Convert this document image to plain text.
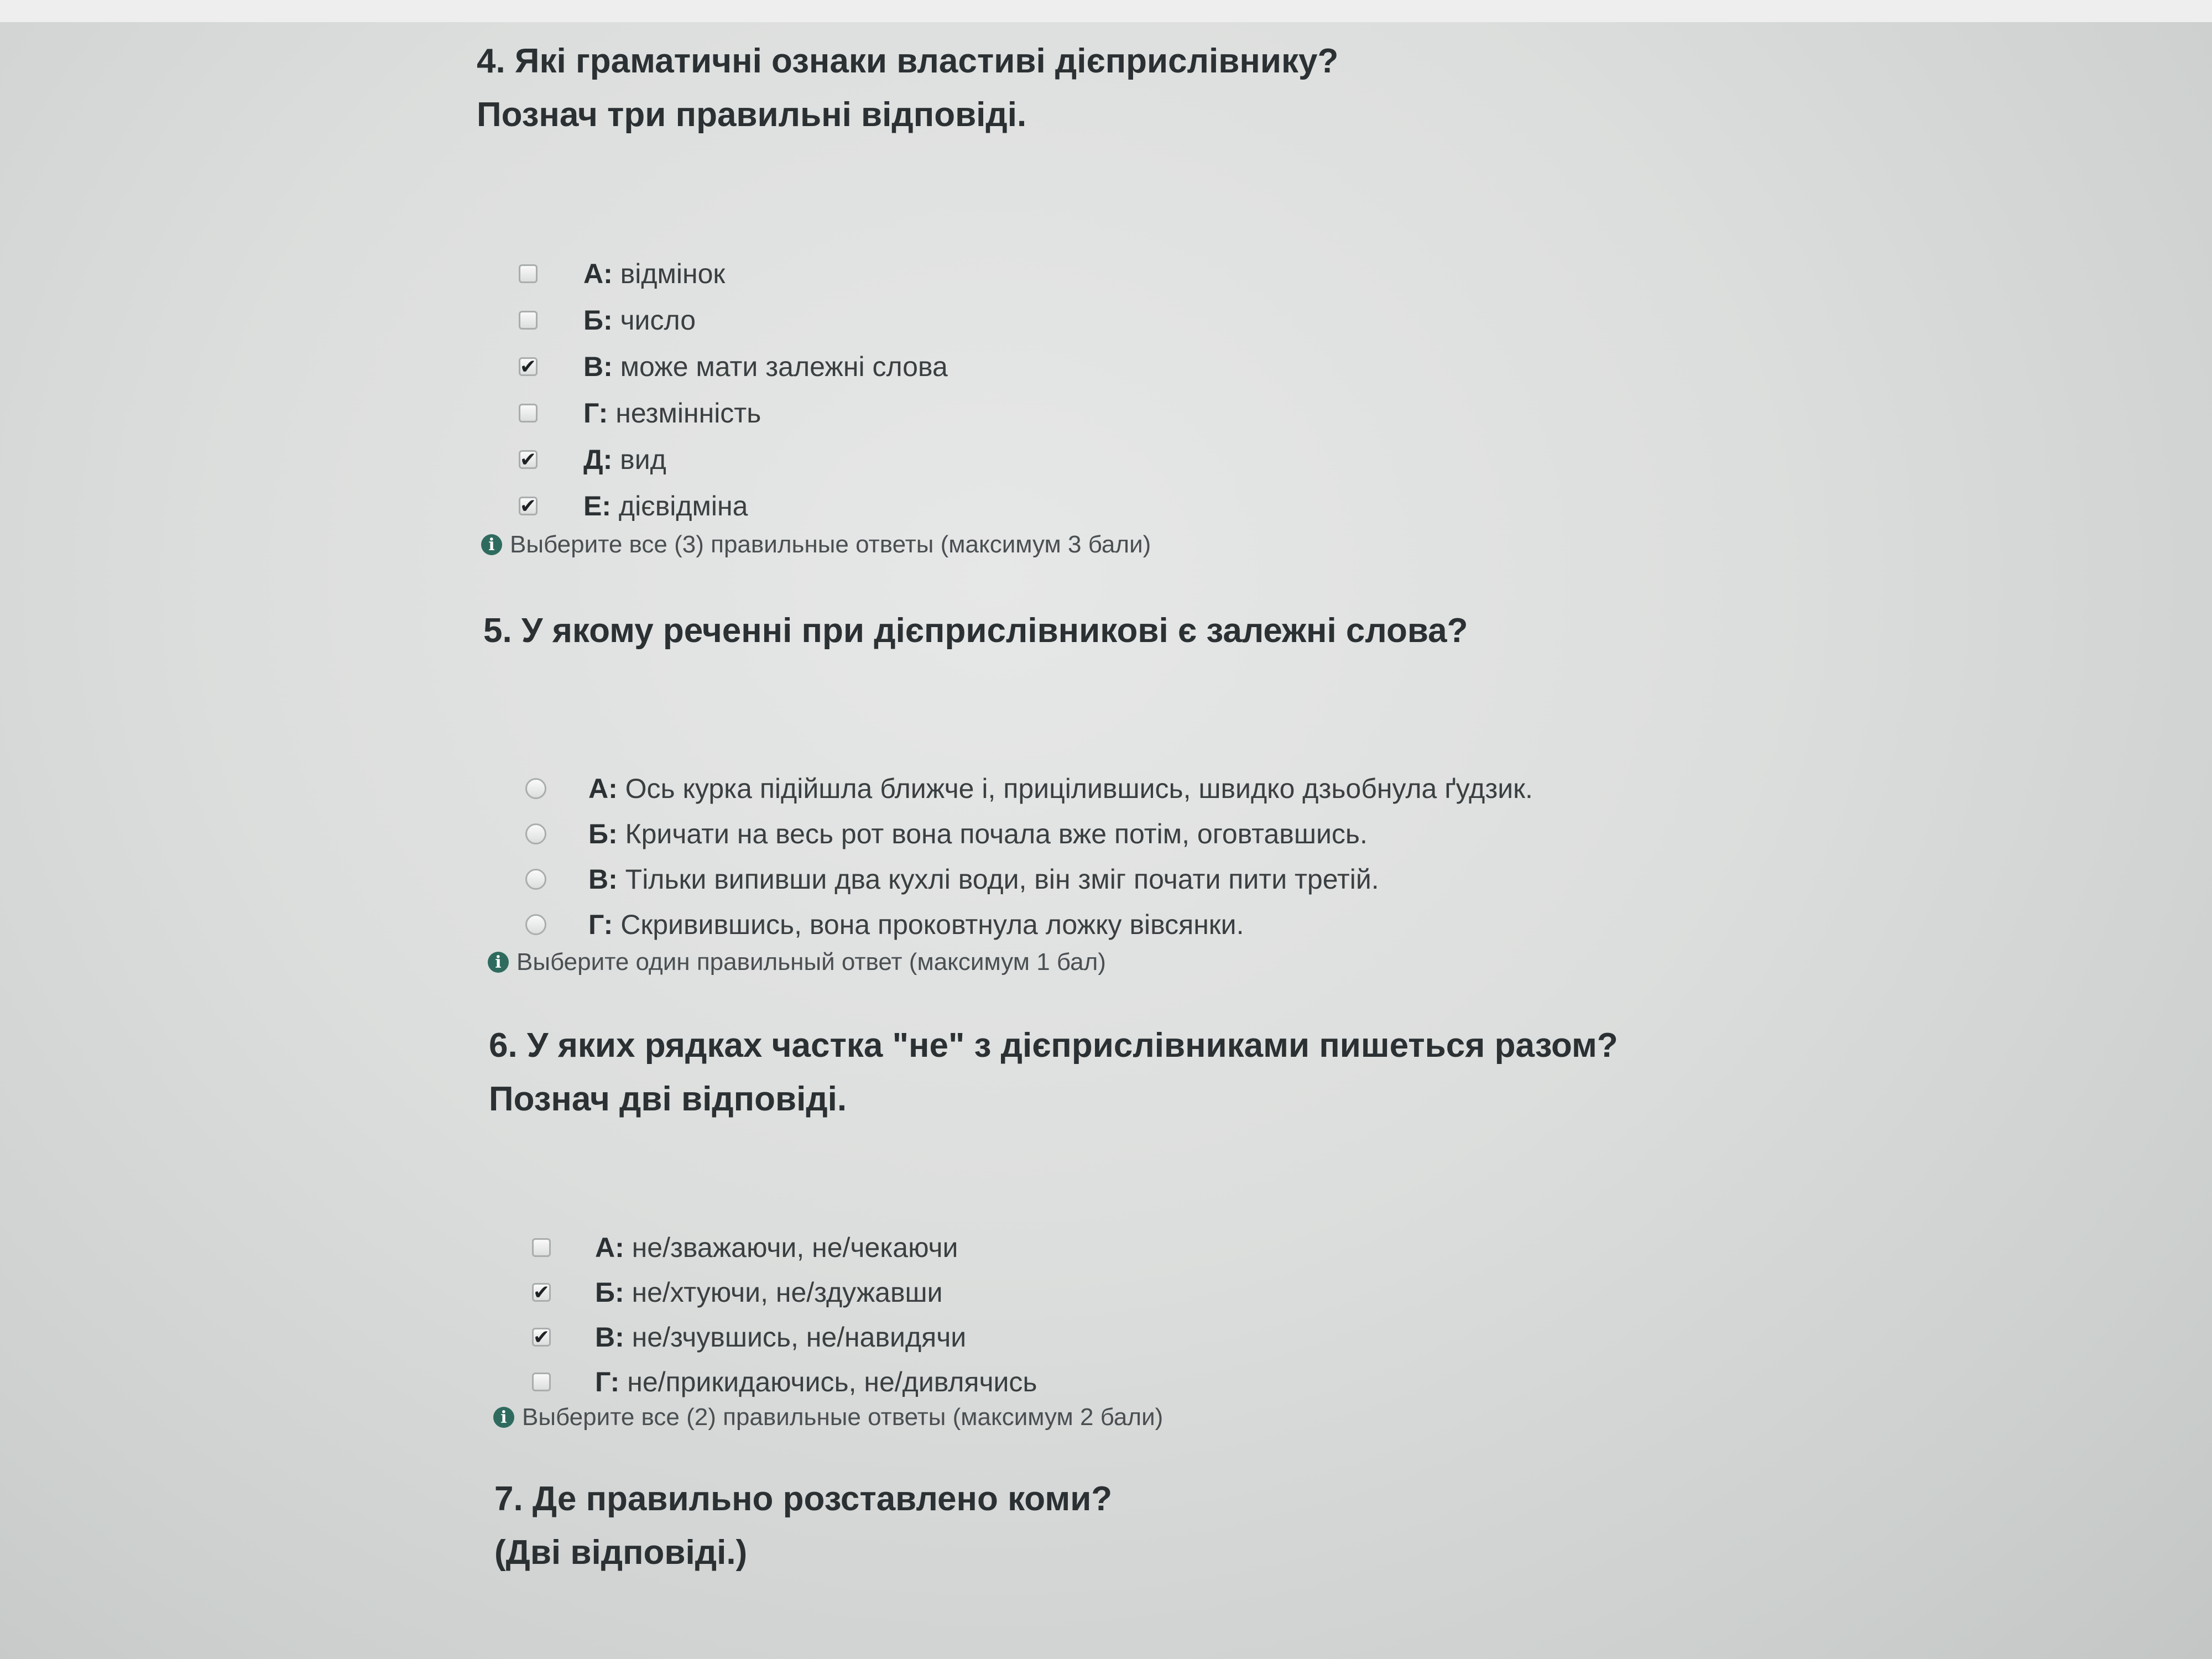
4. Які граматичні ознаки властиві дієприслівнику?
Познач три правильні відповіді.
А: відмінок
Б: число
✔ В: може мати залежні слова
Г: незмінність
✔ Д: вид
✔ Е: дієвідміна
i Выберите все (3) правильные ответы (максимум 3 бали)
5. У якому реченні при дієприслівникові є залежні слова?
А: Ось курка підійшла ближче і, прицілившись, швидко дзьобнула ґудзик.
Б: Кричати на весь рот вона почала вже потім, оговтавшись.
В: Тільки випивши два кухлі води, він зміг почати пити третій.
Г: Скривившись, вона проковтнула ложку вівсянки.
i Выберите один правильный ответ (максимум 1 бал)
6. У яких рядках частка "не" з дієприслівниками пишеться разом?
Познач дві відповіді.
А: не/зважаючи, не/чекаючи
✔ Б: не/хтуючи, не/здужавши
✔ В: не/зчувшись, не/навидячи
Г: не/прикидаючись, не/дивлячись
i Выберите все (2) правильные ответы (максимум 2 бали)
7. Де правильно розставлено коми?
(Дві відповіді.)
